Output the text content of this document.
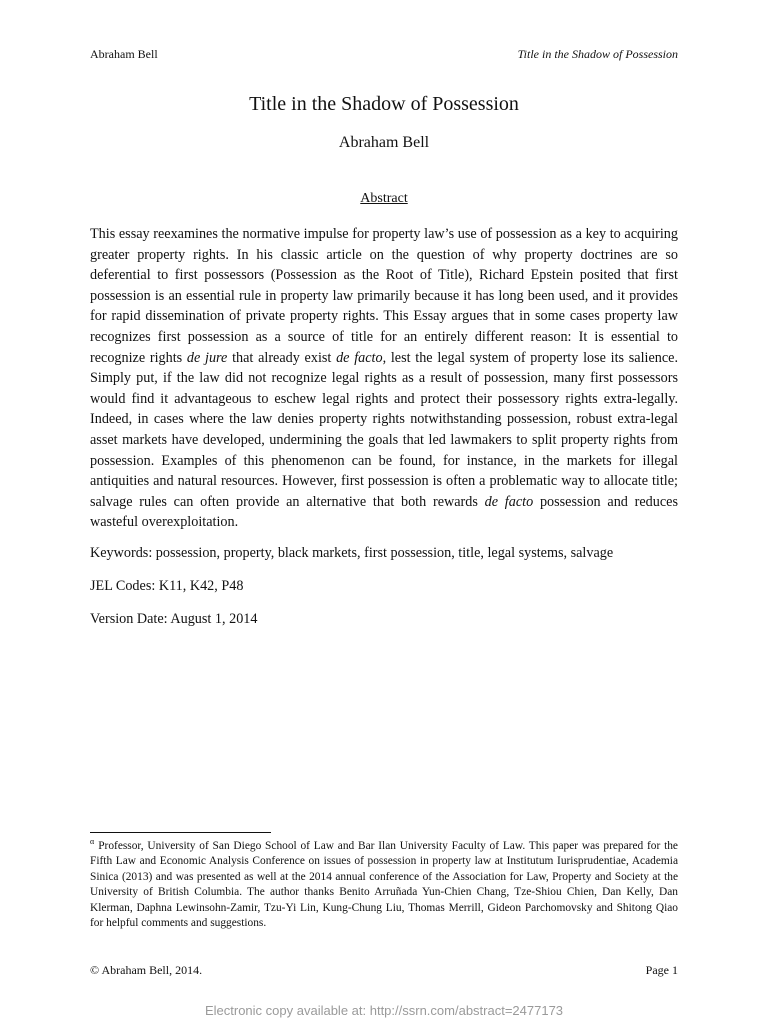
Abraham Bell	Title in the Shadow of Possession
Title in the Shadow of Possession
Abraham Bell
Abstract

This essay reexamines the normative impulse for property law’s use of possession as a key to acquiring greater property rights. In his classic article on the question of why property doctrines are so deferential to first possessors (Possession as the Root of Title), Richard Epstein posited that first possession is an essential rule in property law primarily because it has long been used, and it provides for rapid dissemination of private property rights. This Essay argues that in some cases property law recognizes first possession as a source of title for an entirely different reason: It is essential to recognize rights de jure that already exist de facto, lest the legal system of property lose its salience. Simply put, if the law did not recognize legal rights as a result of possession, many first possessors would find it advantageous to eschew legal rights and protect their possessory rights extra-legally. Indeed, in cases where the law denies property rights notwithstanding possession, robust extra-legal asset markets have developed, undermining the goals that led lawmakers to split property rights from possession. Examples of this phenomenon can be found, for instance, in the markets for illegal antiquities and natural resources. However, first possession is often a problematic way to allocate title; salvage rules can often provide an alternative that both rewards de facto possession and reduces wasteful overexploitation.

Keywords: possession, property, black markets, first possession, title, legal systems, salvage

JEL Codes: K11, K42, P48

Version Date: August 1, 2014

$^\alpha$ Professor, University of San Diego School of Law and Bar Ilan University Faculty of Law. This paper was prepared for the Fifth Law and Economic Analysis Conference on issues of possession in property law at Institutum Iurisprudentiae, Academia Sinica (2013) and was presented as well at the 2014 annual conference of the Association for Law, Property and Society at the University of British Columbia. The author thanks Benito Arruñada Yun-Chien Chang, Tze-Shiou Chien, Dan Kelly, Dan Klerman, Daphna Lewinsohn-Zamir, Tzu-Yi Lin, Kung-Chung Liu, Thomas Merrill, Gideon Parchomovsky and Shitong Qiao for helpful comments and suggestions.

© Abraham Bell, 2014.	Page 1
Electronic copy available at: http://ssrn.com/abstract=2477173
